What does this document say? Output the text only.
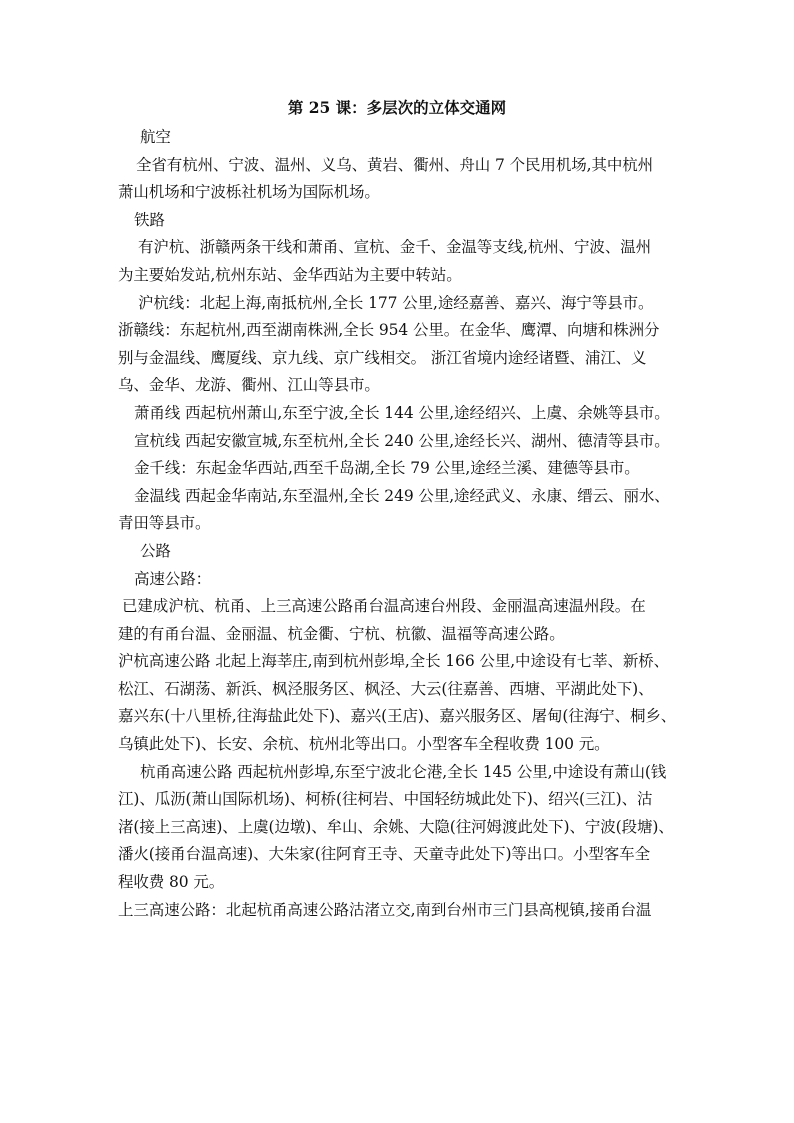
第 25 课：多层次的立体交通网
航空
全省有杭州、宁波、温州、义乌、黄岩、衢州、舟山 7 个民用机场,其中杭州
萧山机场和宁波栎社机场为国际机场。
铁路
有沪杭、浙赣两条干线和萧甬、宣杭、金千、金温等支线,杭州、宁波、温州
为主要始发站,杭州东站、金华西站为主要中转站。
沪杭线：北起上海,南抵杭州,全长 177 公里,途经嘉善、嘉兴、海宁等县市。
浙赣线：东起杭州,西至湖南株洲,全长 954 公里。在金华、鹰潭、向塘和株洲分
别与金温线、鹰厦线、京九线、京广线相交。 浙江省境内途经诸暨、浦江、义
乌、金华、龙游、衢州、江山等县市。
萧甬线 西起杭州萧山,东至宁波,全长 144 公里,途经绍兴、上虞、余姚等县市。
宣杭线 西起安徽宣城,东至杭州,全长 240 公里,途经长兴、湖州、德清等县市。
金千线：东起金华西站,西至千岛湖,全长 79 公里,途经兰溪、建德等县市。
金温线 西起金华南站,东至温州,全长 249 公里,途经武义、永康、缙云、丽水、
青田等县市。
公路
高速公路：
已建成沪杭、杭甬、上三高速公路甬台温高速台州段、金丽温高速温州段。在
建的有甬台温、金丽温、杭金衢、宁杭、杭徽、温福等高速公路。
沪杭高速公路 北起上海莘庄,南到杭州彭埠,全长 166 公里,中途设有七莘、新桥、
松江、石湖荡、新浜、枫泾服务区、枫泾、大云(往嘉善、西塘、平湖此处下)、
嘉兴东(十八里桥,往海盐此处下)、嘉兴(王店)、嘉兴服务区、屠甸(往海宁、桐乡、
乌镇此处下)、长安、余杭、杭州北等出口。小型客车全程收费 100 元。
杭甬高速公路 西起杭州彭埠,东至宁波北仑港,全长 145 公里,中途设有萧山(钱
江)、瓜沥(萧山国际机场)、柯桥(往柯岩、中国轻纺城此处下)、绍兴(三江)、沽
渚(接上三高速)、上虞(边墩)、牟山、余姚、大隐(往河姆渡此处下)、宁波(段塘)、
潘火(接甬台温高速)、大朱家(往阿育王寺、天童寺此处下)等出口。小型客车全
程收费 80 元。
上三高速公路：北起杭甬高速公路沽渚立交,南到台州市三门县高枧镇,接甬台温
